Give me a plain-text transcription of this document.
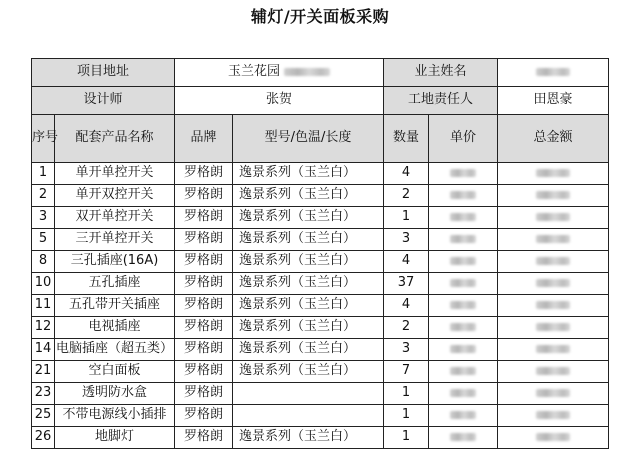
辅灯/开关面板采购
项目地址		玉兰花园		业主姓名		
设计师		张贺		工地责任人		田恩豪
序号	配套产品名称	品牌	型号/色温/长度	数量	单价	总金额
1	单开单控开关	罗格朗	逸景系列（玉兰白）	4		
2	单开双控开关	罗格朗	逸景系列（玉兰白）	2		
3	双开单控开关	罗格朗	逸景系列（玉兰白）	1		
5	三开单控开关	罗格朗	逸景系列（玉兰白）	3		
8	三孔插座(16A)	罗格朗	逸景系列（玉兰白）	4		
10	五孔插座	罗格朗	逸景系列（玉兰白）	37		
11	五孔带开关插座	罗格朗	逸景系列（玉兰白）	4		
12	电视插座	罗格朗	逸景系列（玉兰白）	2		
14	电脑插座（超五类）	罗格朗	逸景系列（玉兰白）	3		
21	空白面板	罗格朗	逸景系列（玉兰白）	7		
23	透明防水盒	罗格朗		1		
25	不带电源线小插排	罗格朗		1		
26	地脚灯	罗格朗	逸景系列（玉兰白）	1		
